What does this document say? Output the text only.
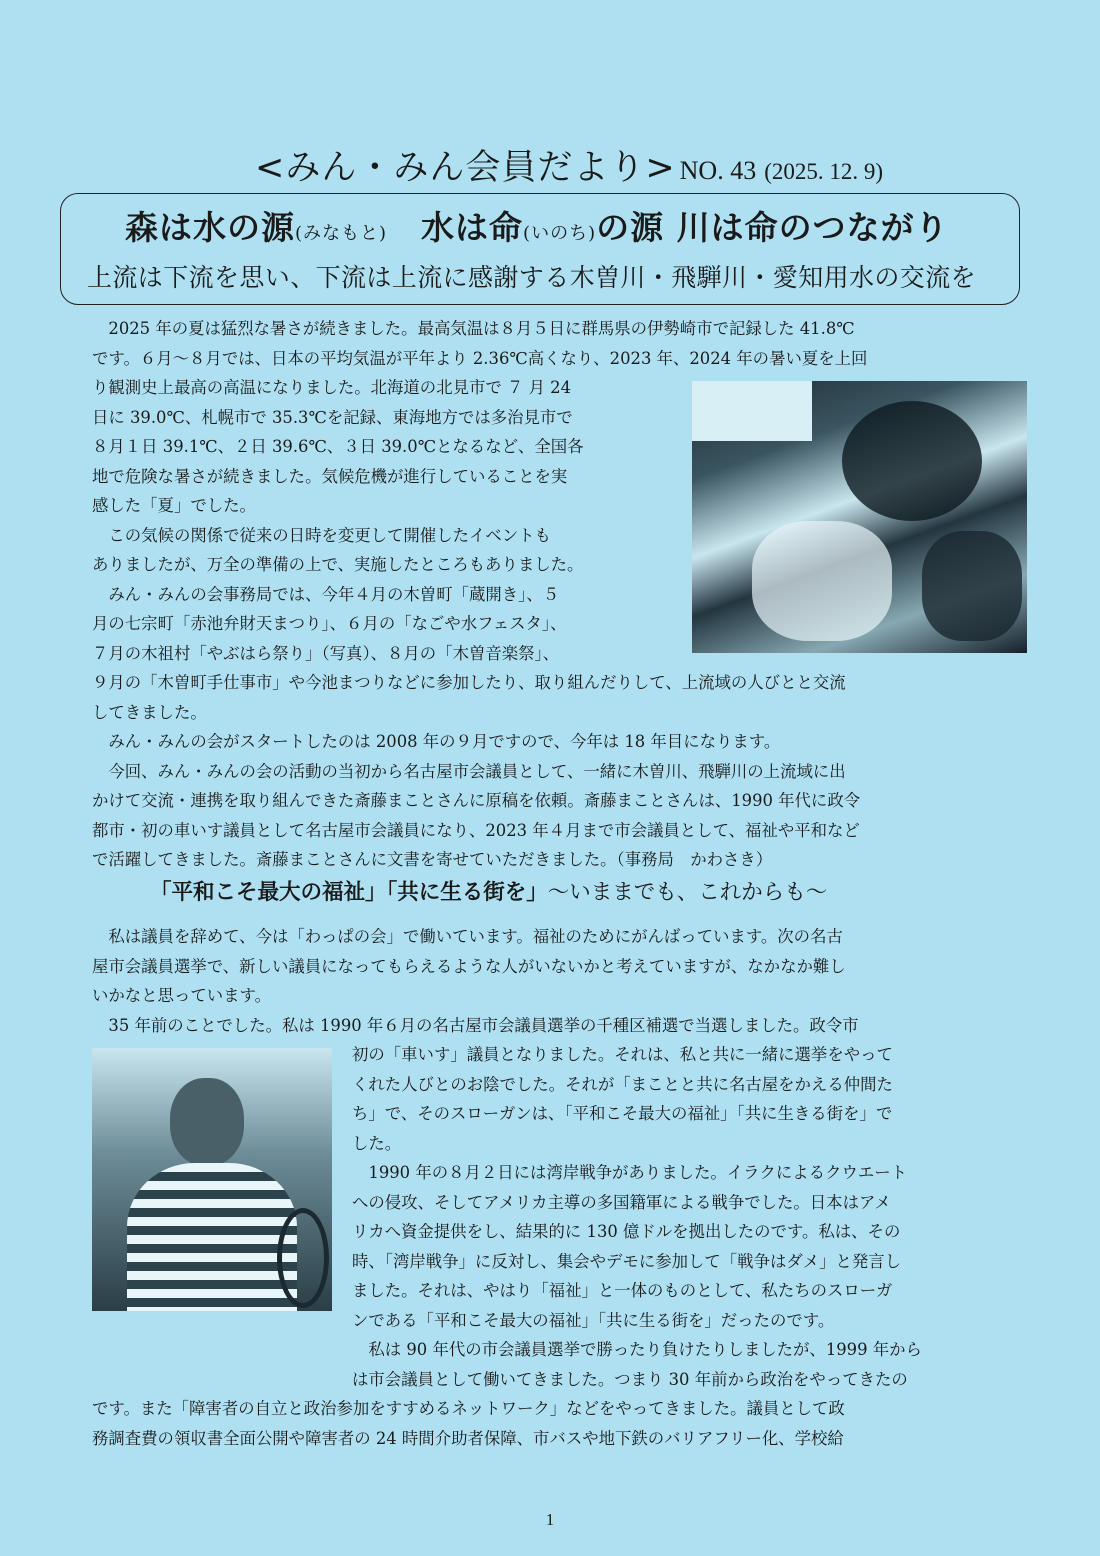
<みん・みん会員だより> NO. 43 (2025. 12. 9)
森は水の源(みなもと)　 水は命(いのち)の源 川は命のつながり
上流は下流を思い、下流は上流に感謝する木曽川・飛騨川・愛知用水の交流を
　2025 年の夏は猛烈な暑さが続きました。最高気温は８月５日に群馬県の伊勢崎市で記録した 41.8℃
です。６月～８月では、日本の平均気温が平年より 2.36℃高くなり、2023 年、2024 年の暑い夏を上回
り観測史上最高の高温になりました。北海道の北見市で ７ 月 24
日に 39.0℃、札幌市で 35.3℃を記録、東海地方では多治見市で
８月１日 39.1℃、２日 39.6℃、３日 39.0℃となるなど、全国各
地で危険な暑さが続きました。気候危機が進行していることを実
感した「夏」でした。
　この気候の関係で従来の日時を変更して開催したイベントも
ありましたが、万全の準備の上で、実施したところもありました。
　みん・みんの会事務局では、今年４月の木曽町「蔵開き」、５
月の七宗町「赤池弁財天まつり」、６月の「なごや水フェスタ」、
７月の木祖村「やぶはら祭り」（写真）、８月の「木曽音楽祭」、
９月の「木曽町手仕事市」や今池まつりなどに参加したり、取り組んだりして、上流域の人びとと交流
してきました。
　みん・みんの会がスタートしたのは 2008 年の９月ですので、今年は 18 年目になります。
　今回、みん・みんの会の活動の当初から名古屋市会議員として、一緒に木曽川、飛騨川の上流域に出
かけて交流・連携を取り組んできた斎藤まことさんに原稿を依頼。斎藤まことさんは、1990 年代に政令
都市・初の車いす議員として名古屋市会議員になり、2023 年４月まで市会議員として、福祉や平和など
で活躍してきました。斎藤まことさんに文書を寄せていただきました。（事務局　かわさき）
「平和こそ最大の福祉」「共に生る街を」～いままでも、これからも～
　私は議員を辞めて、今は「わっぱの会」で働いています。福祉のためにがんばっています。次の名古
屋市会議員選挙で、新しい議員になってもらえるような人がいないかと考えていますが、なかなか難し
いかなと思っています。
　35 年前のことでした。私は 1990 年６月の名古屋市会議員選挙の千種区補選で当選しました。政令市
初の「車いす」議員となりました。それは、私と共に一緒に選挙をやって
くれた人びとのお陰でした。それが「まことと共に名古屋をかえる仲間た
ち」で、そのスローガンは、「平和こそ最大の福祉」「共に生きる街を」で
した。
　1990 年の８月２日には湾岸戦争がありました。イラクによるクウエート
への侵攻、そしてアメリカ主導の多国籍軍による戦争でした。日本はアメ
リカへ資金提供をし、結果的に 130 億ドルを拠出したのです。私は、その
時、「湾岸戦争」に反対し、集会やデモに参加して「戦争はダメ」と発言し
ました。それは、やはり「福祉」と一体のものとして、私たちのスローガ
ンである「平和こそ最大の福祉」「共に生る街を」だったのです。
　私は 90 年代の市会議員選挙で勝ったり負けたりしましたが、1999 年から
は市会議員として働いてきました。つまり 30 年前から政治をやってきたの
です。また「障害者の自立と政治参加をすすめるネットワーク」などをやってきました。議員として政
務調査費の領収書全面公開や障害者の 24 時間介助者保障、市バスや地下鉄のバリアフリー化、学校給
1
